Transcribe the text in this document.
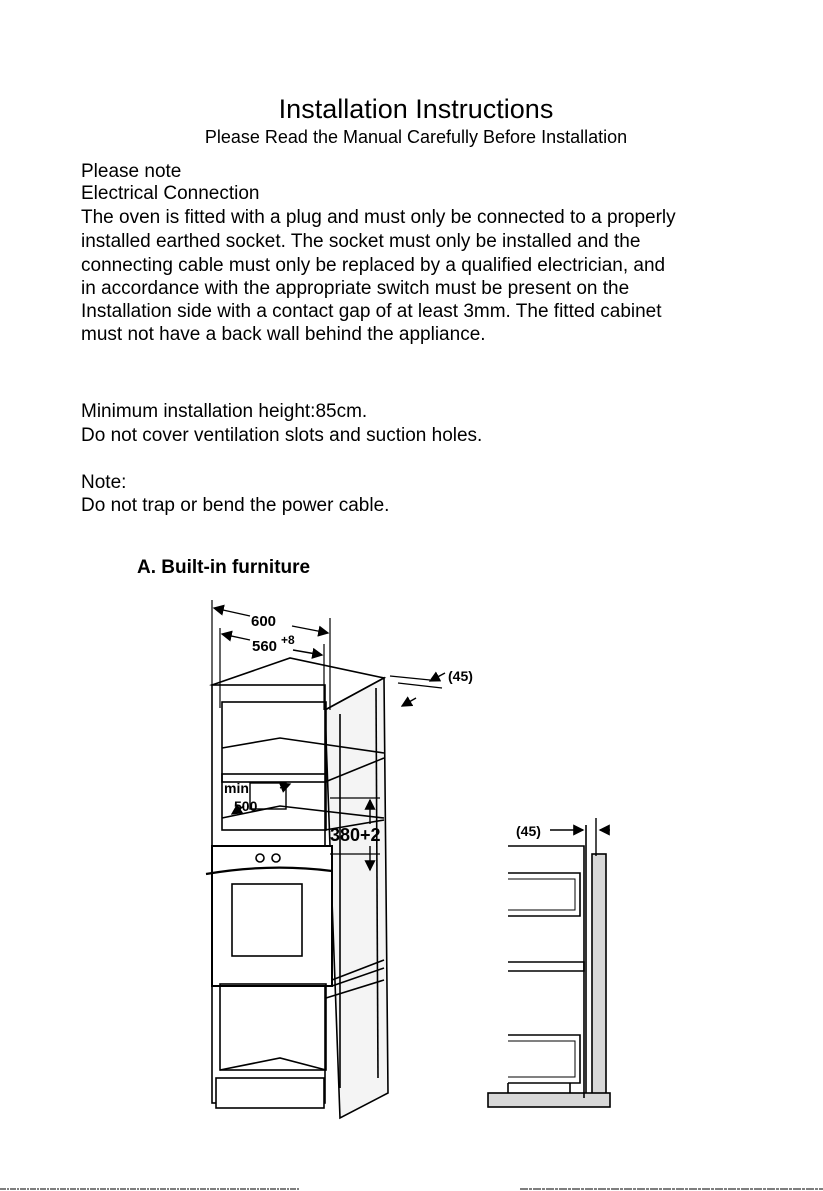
Installation Instructions
Please Read the Manual Carefully Before Installation
Please note
Electrical Connection
The oven is fitted with a plug and must only be connected to a properly
installed earthed socket. The socket must only be installed and the
connecting cable must only be replaced by a qualified electrician, and
in accordance with the appropriate switch must be present on the
Installation side with a contact gap of at least 3mm. The fitted cabinet
must not have a back wall behind the appliance.
Minimum installation height:85cm.
Do not cover ventilation slots and suction holes.
Note:
Do not trap or bend the power cable.
A. Built-in furniture
600
560 +8
(45)
min
500
380+2	(45)
